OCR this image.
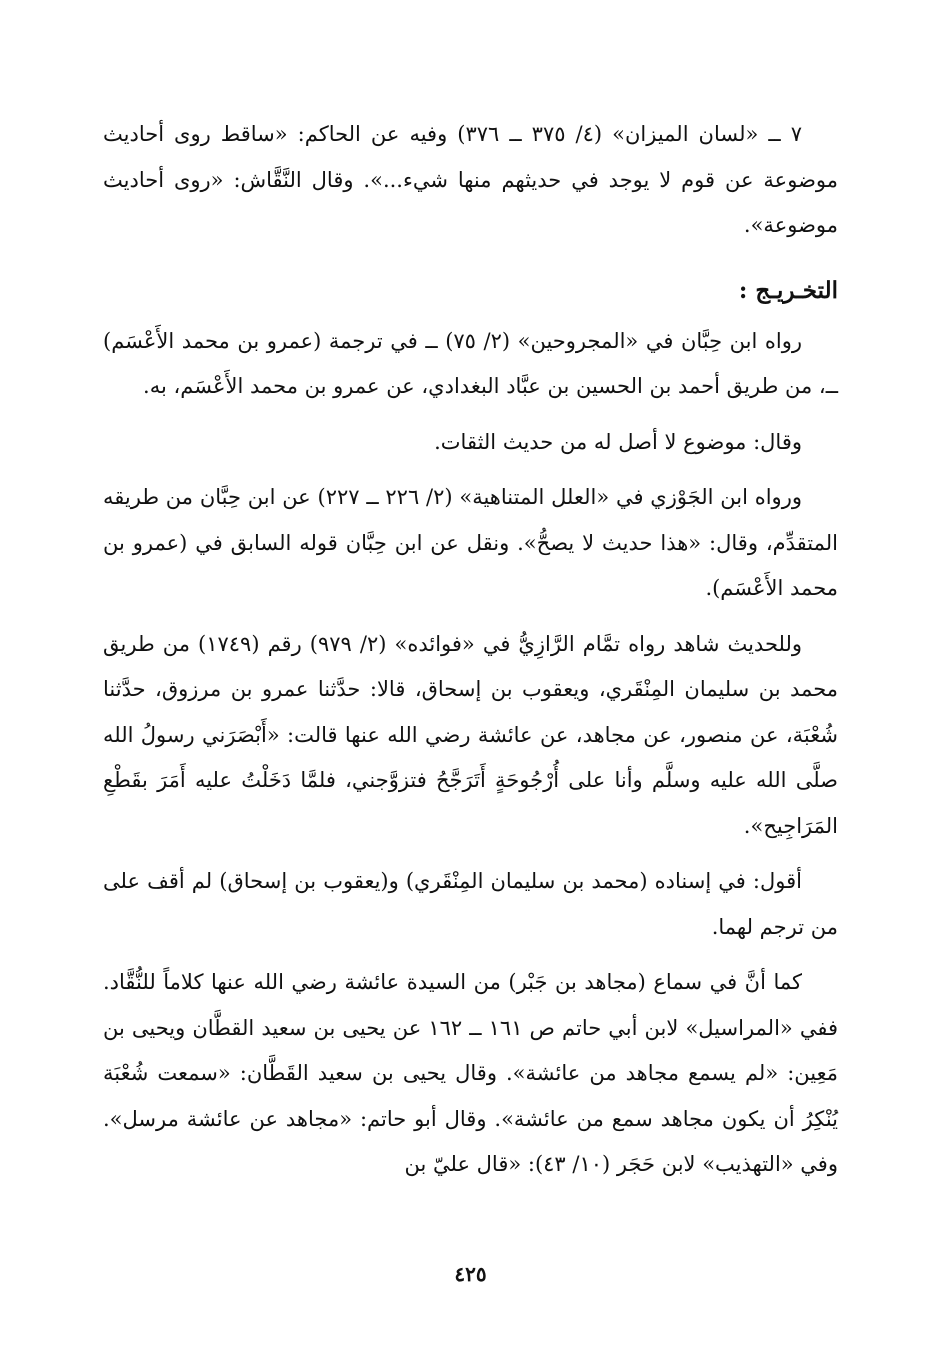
٧ ــ «لسان الميزان» (٤/ ٣٧٥ ــ ٣٧٦) وفيه عن الحاكم: «ساقط روى أحاديث موضوعة عن قوم لا يوجد في حديثهم منها شيء...». وقال النَّقَّاش: «روى أحاديث موضوعة».

التخـريـج :

رواه ابن حِبَّان في «المجروحين» (٢/ ٧٥) ــ في ترجمة (عمرو بن محمد الأَعْسَم) ــ، من طريق أحمد بن الحسين بن عبَّاد البغدادي، عن عمرو بن محمد الأَعْسَم، به.

وقال: موضوع لا أصل له من حديث الثقات.

ورواه ابن الجَوْزي في «العلل المتناهية» (٢/ ٢٢٦ ــ ٢٢٧) عن ابن حِبَّان من طريقه المتقدِّم، وقال: «هذا حديث لا يصحُّ». ونقل عن ابن حِبَّان قوله السابق في (عمرو بن محمد الأَعْسَم).

وللحديث شاهد رواه تمَّام الرَّازِيُّ في «فوائده» (٢/ ٩٧٩) رقم (١٧٤٩) من طريق محمد بن سليمان المِنْقَري، ويعقوب بن إسحاق، قالا: حدَّثنا عمرو بن مرزوق، حدَّثنا شُعْبَة، عن منصور، عن مجاهد، عن عائشة رضي الله عنها قالت: «أَبْصَرَني رسولُ الله صلَّى الله عليه وسلَّم وأنا على أُرْجُوحَةٍ أَتَرَجَّحُ فتزوَّجني، فلمَّا دَخَلْتُ عليه أَمَرَ بقَطْعِ المَرَاجِيح».

أقول: في إسناده (محمد بن سليمان المِنْقَري) و(يعقوب بن إسحاق) لم أقف على من ترجم لهما.

كما أنَّ في سماع (مجاهد بن جَبْر) من السيدة عائشة رضي الله عنها كلاماً للنُّقَّاد. ففي «المراسيل» لابن أبي حاتم ص ١٦١ ــ ١٦٢ عن يحيى بن سعيد القطَّان ويحيى بن مَعِين: «لم يسمع مجاهد من عائشة». وقال يحيى بن سعيد القَطَّان: «سمعت شُعْبَة يُنْكِرُ أن يكون مجاهد سمع من عائشة». وقال أبو حاتم: «مجاهد عن عائشة مرسل». وفي «التهذيب» لابن حَجَر (١٠/ ٤٣): «قال عليّ بن

٤٢٥
